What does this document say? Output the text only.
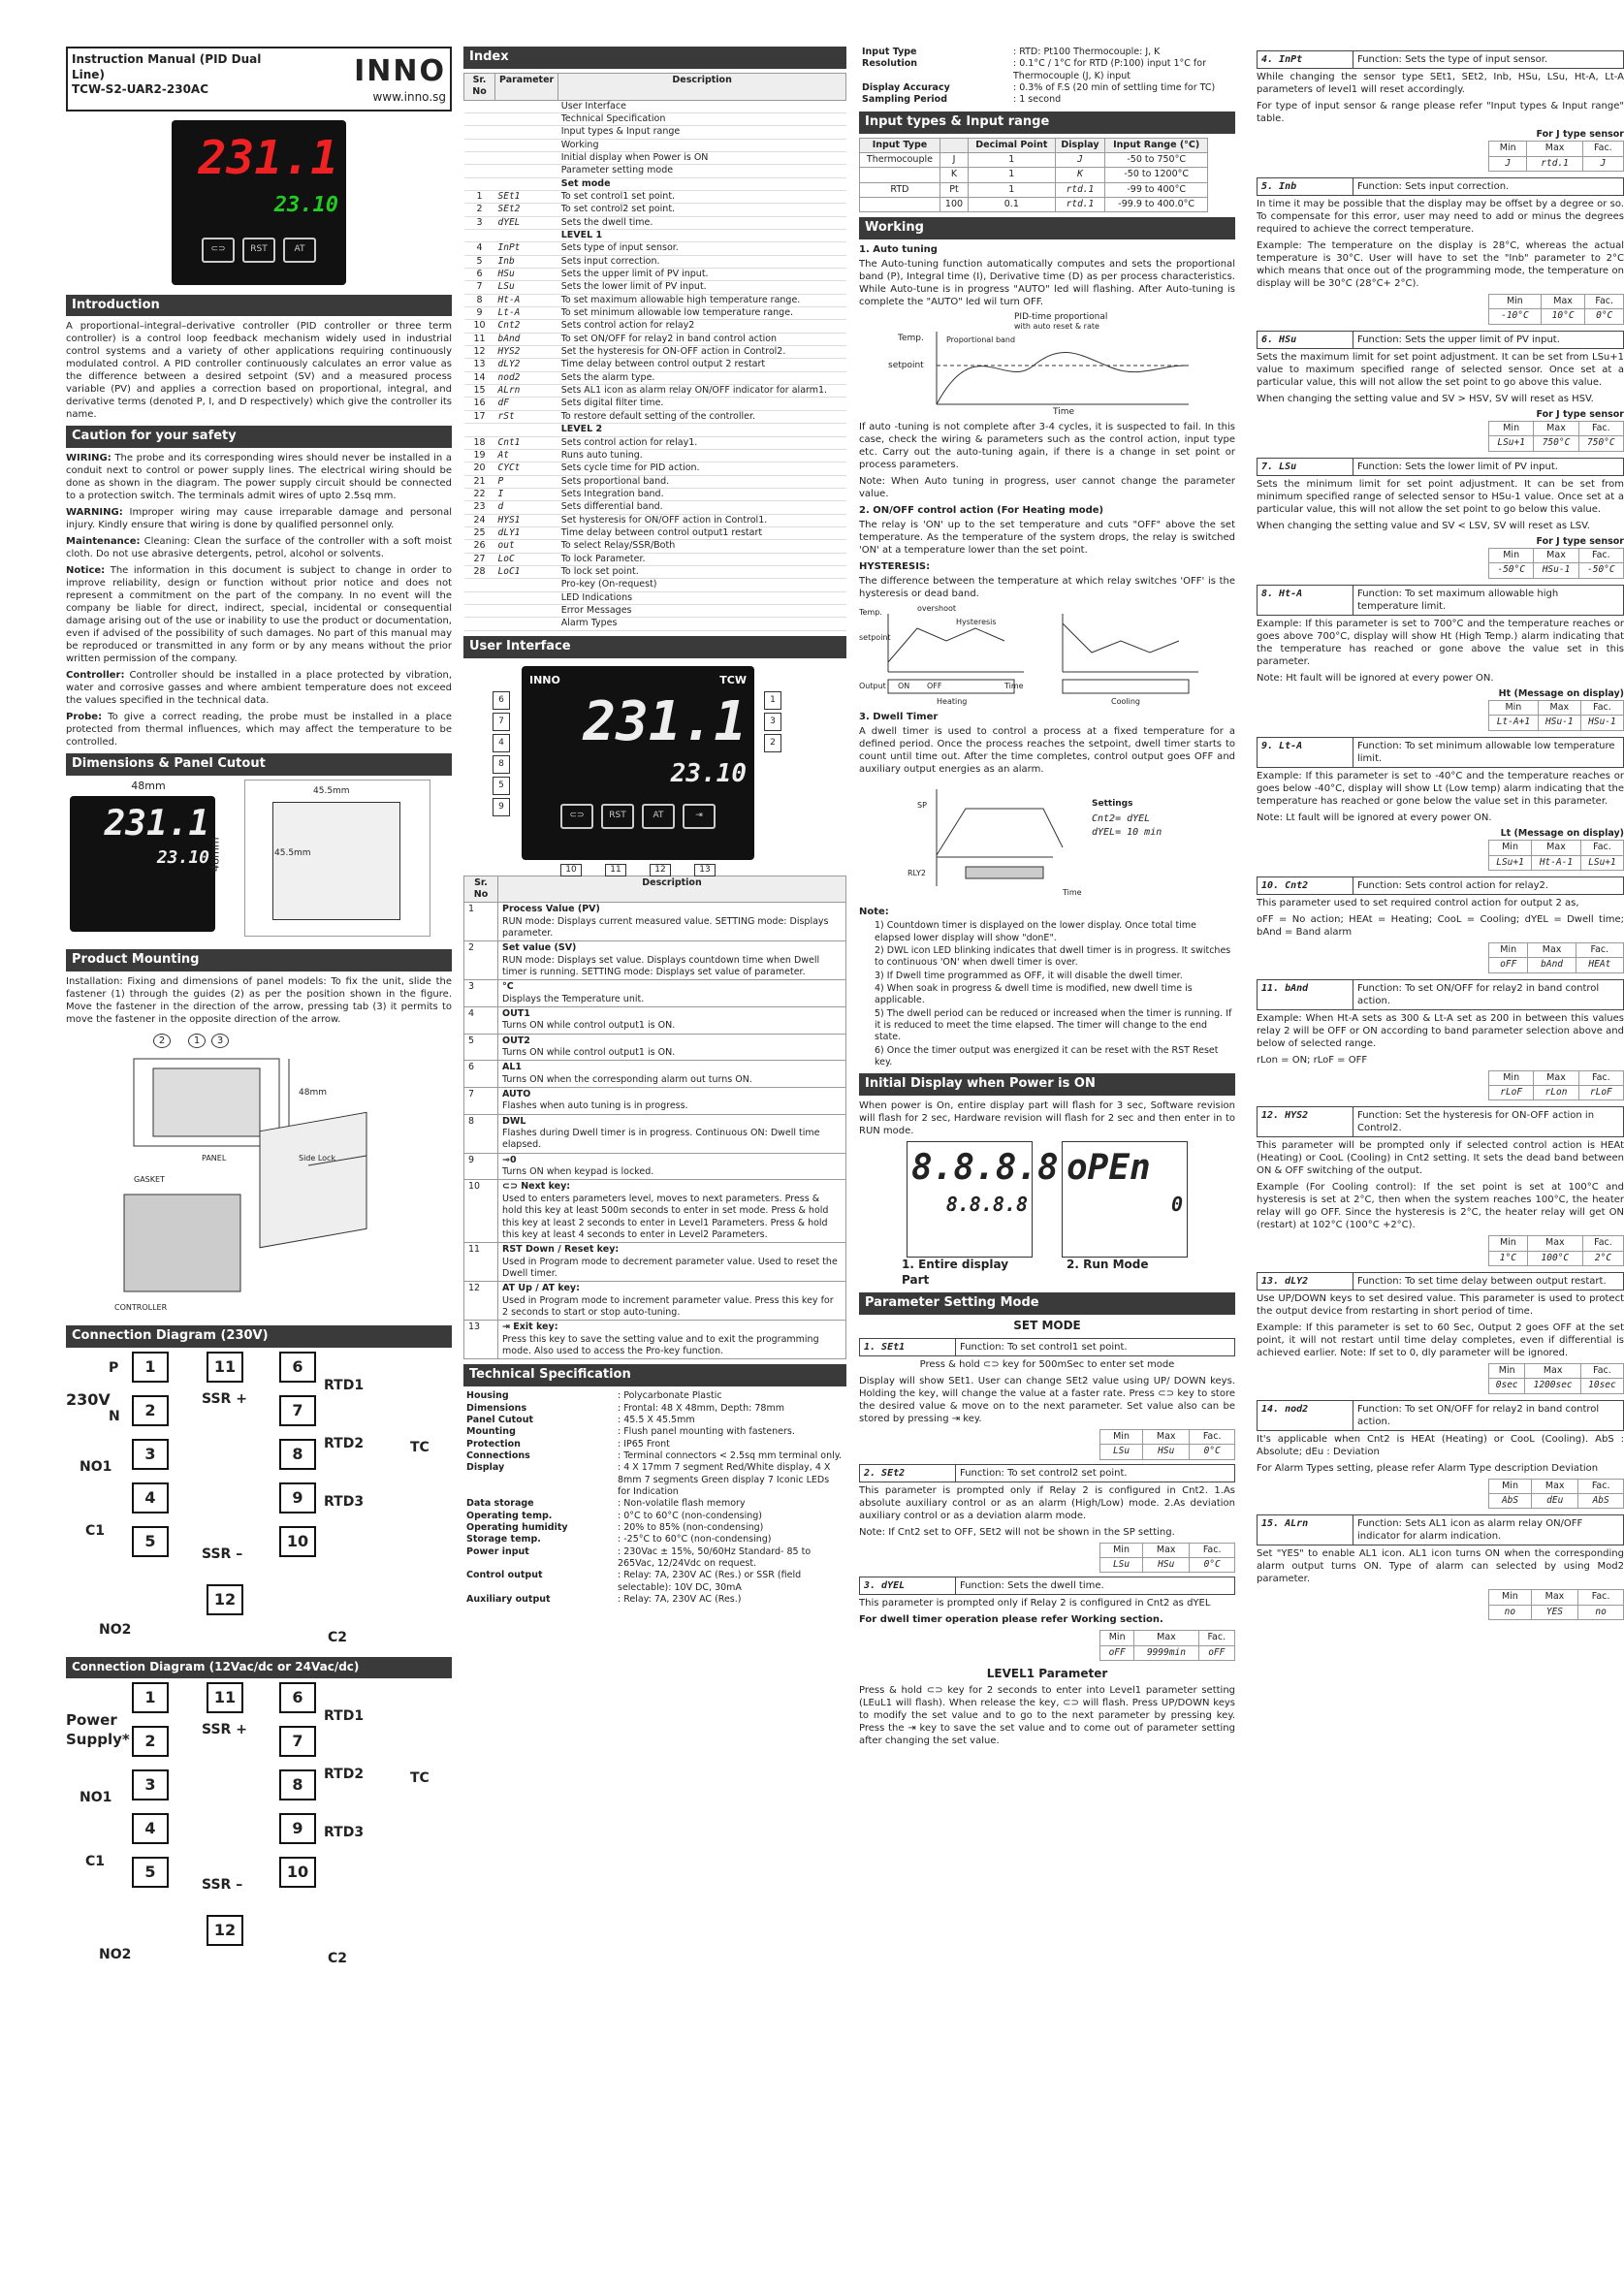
Instruction Manual (PID Dual Line)
TCW-S2-UAR2-230AC
INNO
www.inno.sg
231.1
23.10
⊂⊃	RST	AT
Introduction

A proportional–integral–derivative controller (PID controller or three term controller) is a control loop feedback mechanism widely used in industrial control systems and a variety of other applications requiring continuously modulated control. A PID controller continuously calculates an error value as the difference between a desired setpoint (SV) and a measured process variable (PV) and applies a correction based on proportional, integral, and derivative terms (denoted P, I, and D respectively) which give the controller its name.

Caution for your safety

WIRING: The probe and its corresponding wires should never be installed in a conduit next to control or power supply lines. The electrical wiring should be done as shown in the diagram. The power supply circuit should be connected to a protection switch. The terminals admit wires of upto 2.5sq mm.

WARNING: Improper wiring may cause irreparable damage and personal injury. Kindly ensure that wiring is done by qualified personnel only.

Maintenance: Cleaning: Clean the surface of the controller with a soft moist cloth. Do not use abrasive detergents, petrol, alcohol or solvents.

Notice: The information in this document is subject to change in order to improve reliability, design or function without prior notice and does not represent a commitment on the part of the company. In no event will the company be liable for direct, indirect, special, incidental or consequential damage arising out of the use or inability to use the product or documentation, even if advised of the possibility of such damages. No part of this manual may be reproduced or transmitted in any form or by any means without the prior written permission of the company.

Controller: Controller should be installed in a place protected by vibration, water and corrosive gasses and where ambient temperature does not exceed the values specified in the technical data.

Probe: To give a correct reading, the probe must be installed in a place protected from thermal influences, which may affect the temperature to be controlled.

Dimensions & Panel Cutout
48mm
231.1
23.10 48mm
45.5mm
45.5mm
Product Mounting

Installation: Fixing and dimensions of panel models: To fix the unit, slide the fastener (1) through the guides (2) as per the position shown in the figure. Move the fastener in the direction of the arrow, pressing tab (3) it permits to move the fastener in the opposite direction of the arrow.

2	1	3
PANEL
GASKET
Side Lock
CONTROLLER
48mm
Connection Diagram (230V)
230V
P
N
NO1
C1
NO2
1

2

3

4

5
11
SSR +
SSR –
12
6

7

8

9

10
RTD1
RTD2
RTD3
TC
C2
Connection Diagram (12Vac/dc or 24Vac/dc)
Power
Supply*
NO1
C1
NO2
1

2

3

4

5
11
SSR +
SSR –
12
6

7

8

9

10
RTD1
RTD2
RTD3
TC
C2
Index
Sr. No	Parameter	Description
		User Interface
		Technical Specification
		Input types & Input range
		Working
		Initial display when Power is ON
		Parameter setting mode
		Set mode
1	SEt1	To set control1 set point.
2	SEt2	To set control2 set point.
3	dYEL	Sets the dwell time.
		LEVEL 1
4	InPt	Sets type of input sensor.
5	Inb	Sets input correction.
6	HSu	Sets the upper limit of PV input.
7	LSu	Sets the lower limit of PV input.
8	Ht-A	To set maximum allowable high temperature range.
9	Lt-A	To set minimum allowable low temperature range.
10	Cnt2	Sets control action for relay2
11	bAnd	To set ON/OFF for relay2 in band control action
12	HYS2	Set the hysteresis for ON-OFF action in Control2.
13	dLY2	Time delay between control output 2 restart
14	nod2	Sets the alarm type.
15	ALrn	Sets AL1 icon as alarm relay ON/OFF indicator for alarm1.
16	dF	Sets digital filter time.
17	rSt	To restore default setting of the controller.
		LEVEL 2
18	Cnt1	Sets control action for relay1.
19	At	Runs auto tuning.
20	CYCt	Sets cycle time for PID action.
21	P	Sets proportional band.
22	I	Sets Integration band.
23	d	Sets differential band.
24	HYS1	Set hysteresis for ON/OFF action in Control1.
25	dLY1	Time delay between control output1 restart
26	out	To select Relay/SSR/Both
27	LoC	To lock Parameter.
28	LoC1	To lock set point.
		Pro-key (On-request)
		LED Indications
		Error Messages
		Alarm Types
User Interface
INNO	TCW
231.1
23.10
⊂⊃	RST	AT	⇥
6
7
4
8
5
9
1
3
2
10	11	12	13
Sr. No	Description
1	Process Value (PV)
RUN mode: Displays current measured value. SETTING mode: Displays parameter.

2	Set value (SV)
RUN mode: Displays set value. Displays countdown time when Dwell timer is running. SETTING mode: Displays set value of parameter.

3	°C
Displays the Temperature unit.

4	OUT1
Turns ON while control output1 is ON.

5	OUT2
Turns ON while control output1 is ON.

6	AL1
Turns ON when the corresponding alarm out turns ON.

7	AUTO
Flashes when auto tuning is in progress.

8	DWL
Flashes during Dwell timer is in progress. Continuous ON: Dwell time elapsed.

9	⊸0
Turns ON when keypad is locked.

10	⊂⊃ Next key:
Used to enters parameters level, moves to next parameters. Press & hold this key at least 500m seconds to enter in set mode. Press & hold this key at least 2 seconds to enter in Level1 Parameters. Press & hold this key at least 4 seconds to enter in Level2 Parameters.

11	RST Down / Reset key:
Used in Program mode to decrement parameter value. Used to reset the Dwell timer.

12	AT Up / AT key:
Used in Program mode to increment parameter value. Press this key for 2 seconds to start or stop auto-tuning.

13	⇥ Exit key:
Press this key to save the setting value and to exit the programming mode. Also used to access the Pro-key function.
Technical Specification
Housing	: Polycarbonate Plastic
Dimensions	: Frontal: 48 X 48mm, Depth: 78mm
Panel Cutout	: 45.5 X 45.5mm
Mounting	: Flush panel mounting with fasteners.
Protection	: IP65 Front
Connections	: Terminal connectors < 2.5sq mm terminal only.
Display	: 4 X 17mm 7 segment Red/White display, 4 X 8mm 7 segments Green display 7 Iconic LEDs for Indication
Data storage	: Non-volatile flash memory
Operating temp.	: 0°C to 60°C (non-condensing)
Operating humidity	: 20% to 85% (non-condensing)
Storage temp.	: -25°C to 60°C (non-condensing)
Power input	: 230Vac ± 15%, 50/60Hz Standard- 85 to 265Vac, 12/24Vdc on request.
Control output	: Relay: 7A, 230V AC (Res.) or SSR (field selectable): 10V DC, 30mA
Auxiliary output	: Relay: 7A, 230V AC (Res.)
Input Type	: RTD: Pt100 Thermocouple: J, K
Resolution	: 0.1°C / 1°C for RTD (P:100) input 1°C for Thermocouple (J, K) input
Display Accuracy	: 0.3% of F.S (20 min of settling time for TC)
Sampling Period	: 1 second
Input types & Input range
Input Type		Decimal Point	Display	Input Range (°C)
Thermocouple	J	1	J	-50 to 750°C
	K	1	K	-50 to 1200°C
RTD	Pt	1	rtd.1	-99 to 400°C
	100	0.1	rtd.1	-99.9 to 400.0°C
Working
1. Auto tuning

The Auto-tuning function automatically computes and sets the proportional band (P), Integral time (I), Derivative time (D) as per process characteristics. While Auto-tune is in progress "AUTO" led will flashing. After Auto-tuning is complete the "AUTO" led wil turn OFF.

PID-time proportional
with auto reset & rate
Temp.	Proportional band
setpoint
Time

If auto -tuning is not complete after 3-4 cycles, it is suspected to fail. In this case, check the wiring & parameters such as the control action, input type etc. Carry out the auto-tuning again, if there is a change in set point or process parameters.

Note: When Auto tuning in progress, user cannot change the parameter value.

2. ON/OFF control action (For Heating mode)

The relay is 'ON' up to the set temperature and cuts "OFF" above the set temperature. As the temperature of the system drops, the relay is switched 'ON' at a temperature lower than the set point.

HYSTERESIS:

The difference between the temperature at which relay switches 'OFF' is the hysteresis or dead band.

Temp.	overshoot
Hysteresis
setpoint
Output ON OFF	Time
Heating	Cooling
3. Dwell Timer

A dwell timer is used to control a process at a fixed temperature for a defined period. Once the process reaches the setpoint, dwell timer starts to count until time out. After the time completes, control output goes OFF and auxiliary output energies as an alarm.

SP	Settings
Cnt2= dYEL
dYEL= 10 min
RLY2
Time
Note:
1) Countdown timer is displayed on the lower display. Once total time elapsed lower display will show "donE".
2) DWL icon LED blinking indicates that dwell timer is in progress. It switches to continuous 'ON' when dwell timer is over.
3) If Dwell time programmed as OFF, it will disable the dwell timer.
4) When soak in progress & dwell time is modified, new dwell time is applicable.
5) The dwell period can be reduced or increased when the timer is running. If it is reduced to meet the time elapsed. The timer will change to the end state.
6) Once the timer output was energized it can be reset with the RST Reset key.
Initial Display when Power is ON

When power is On, entire display part will flash for 3 sec, Software revision will flash for 2 sec, Hardware revision will flash for 2 sec and then enter in to RUN mode.

8.8.8.8
8.8.8.8
oPEn
0
1. Entire display Part
2. Run Mode
Parameter Setting Mode
SET MODE
1. SEt1	Function: To set control1 set point.

Press & hold ⊂⊃ key for 500mSec to enter set mode

Display will show SEt1. User can change SEt2 value using UP/ DOWN keys. Holding the key, will change the value at a faster rate. Press ⊂⊃ key to store the desired value & move on to the next parameter. Set value also can be stored by pressing ⇥ key.

Min	Max	Fac.
LSu	HSu	0°C
2. SEt2	Function: To set control2 set point.

This parameter is prompted only if Relay 2 is configured in Cnt2. 1.As absolute auxiliary control or as an alarm (High/Low) mode. 2.As deviation auxiliary control or as a deviation alarm mode.

Note: If Cnt2 set to OFF, SEt2 will not be shown in the SP setting.

Min	Max	Fac.
LSu	HSu	0°C
3. dYEL	Function: Sets the dwell time.

This parameter is prompted only if Relay 2 is configured in Cnt2 as dYEL

For dwell timer operation please refer Working section.

Min	Max	Fac.
oFF	9999min	oFF
LEVEL1 Parameter

Press & hold ⊂⊃ key for 2 seconds to enter into Level1 parameter setting (LEuL1 will flash). When release the key, ⊂⊃ will flash. Press UP/DOWN keys to modify the set value and to go to the next parameter by pressing key. Press the ⇥ key to save the set value and to come out of parameter setting after changing the set value.

4. InPt	Function: Sets the type of input sensor.

While changing the sensor type SEt1, SEt2, Inb, HSu, LSu, Ht-A, Lt-A parameters of level1 will reset accordingly.

For type of input sensor & range please refer "Input types & Input range" table.

For J type sensor
Min	Max	Fac.
J	rtd.1	J
5. Inb	Function: Sets input correction.

In time it may be possible that the display may be offset by a degree or so. To compensate for this error, user may need to add or minus the degrees required to achieve the correct temperature.

Example: The temperature on the display is 28°C, whereas the actual temperature is 30°C. User will have to set the "Inb" parameter to 2°C which means that once out of the programming mode, the temperature on display will be 30°C (28°C+ 2°C).

Min	Max	Fac.
-10°C	10°C	0°C
6. HSu	Function: Sets the upper limit of PV input.

Sets the maximum limit for set point adjustment. It can be set from LSu+1 value to maximum specified range of selected sensor. Once set at a particular value, this will not allow the set point to go above this value.

When changing the setting value and SV > HSV, SV will reset as HSV.

For J type sensor
Min	Max	Fac.
LSu+1	750°C	750°C
7. LSu	Function: Sets the lower limit of PV input.

Sets the minimum limit for set point adjustment. It can be set from minimum specified range of selected sensor to HSu-1 value. Once set at a particular value, this will not allow the set point to go below this value.

When changing the setting value and SV < LSV, SV will reset as LSV.

For J type sensor
Min	Max	Fac.
-50°C	HSu-1	-50°C
8. Ht-A	Function: To set maximum allowable high temperature limit.

Example: If this parameter is set to 700°C and the temperature reaches or goes above 700°C, display will show Ht (High Temp.) alarm indicating that the temperature has reached or gone above the value set in this parameter.

Note: Ht fault will be ignored at every power ON.

Ht (Message on display)
Min	Max	Fac.
Lt-A+1	HSu-1	HSu-1
9. Lt-A	Function: To set minimum allowable low temperature limit.

Example: If this parameter is set to -40°C and the temperature reaches or goes below -40°C, display will show Lt (Low temp) alarm indicating that the temperature has reached or gone below the value set in this parameter.

Note: Lt fault will be ignored at every power ON.

Lt (Message on display)
Min	Max	Fac.
LSu+1	Ht-A-1	LSu+1
10. Cnt2	Function: Sets control action for relay2.

This parameter used to set required control action for output 2 as,

oFF = No action; HEAt = Heating; CooL = Cooling; dYEL = Dwell time; bAnd = Band alarm

Min	Max	Fac.
oFF	bAnd	HEAt
11. bAnd	Function: To set ON/OFF for relay2 in band control action.

Example: When Ht-A sets as 300 & Lt-A set as 200 in between this values relay 2 will be OFF or ON according to band parameter selection above and below of selected range.

rLon = ON; rLoF = OFF

Min	Max	Fac.
rLoF	rLon	rLoF
12. HYS2	Function: Set the hysteresis for ON-OFF action in Control2.

This parameter will be prompted only if selected control action is HEAt (Heating) or CooL (Cooling) in Cnt2 setting. It sets the dead band between ON & OFF switching of the output.

Example (For Cooling control): If the set point is set at 100°C and hysteresis is set at 2°C, then when the system reaches 100°C, the heater relay will go OFF. Since the hysteresis is 2°C, the heater relay will get ON (restart) at 102°C (100°C +2°C).

Min	Max	Fac.
1°C	100°C	2°C
13. dLY2	Function: To set time delay between output restart.

Use UP/DOWN keys to set desired value. This parameter is used to protect the output device from restarting in short period of time.

Example: If this parameter is set to 60 Sec, Output 2 goes OFF at the set point, it will not restart until time delay completes, even if differential is achieved earlier. Note: If set to 0, dly parameter will be ignored.

Min	Max	Fac.
0sec	1200sec	10sec
14. nod2	Function: To set ON/OFF for relay2 in band control action.

It's applicable when Cnt2 is HEAt (Heating) or CooL (Cooling). AbS : Absolute; dEu : Deviation

For Alarm Types setting, please refer Alarm Type description Deviation

Min	Max	Fac.
AbS	dEu	AbS
15. ALrn	Function: Sets AL1 icon as alarm relay ON/OFF indicator for alarm indication.

Set "YES" to enable AL1 icon. AL1 icon turns ON when the corresponding alarm output turns ON. Type of alarm can selected by using Mod2 parameter.

Min	Max	Fac.
no	YES	no
